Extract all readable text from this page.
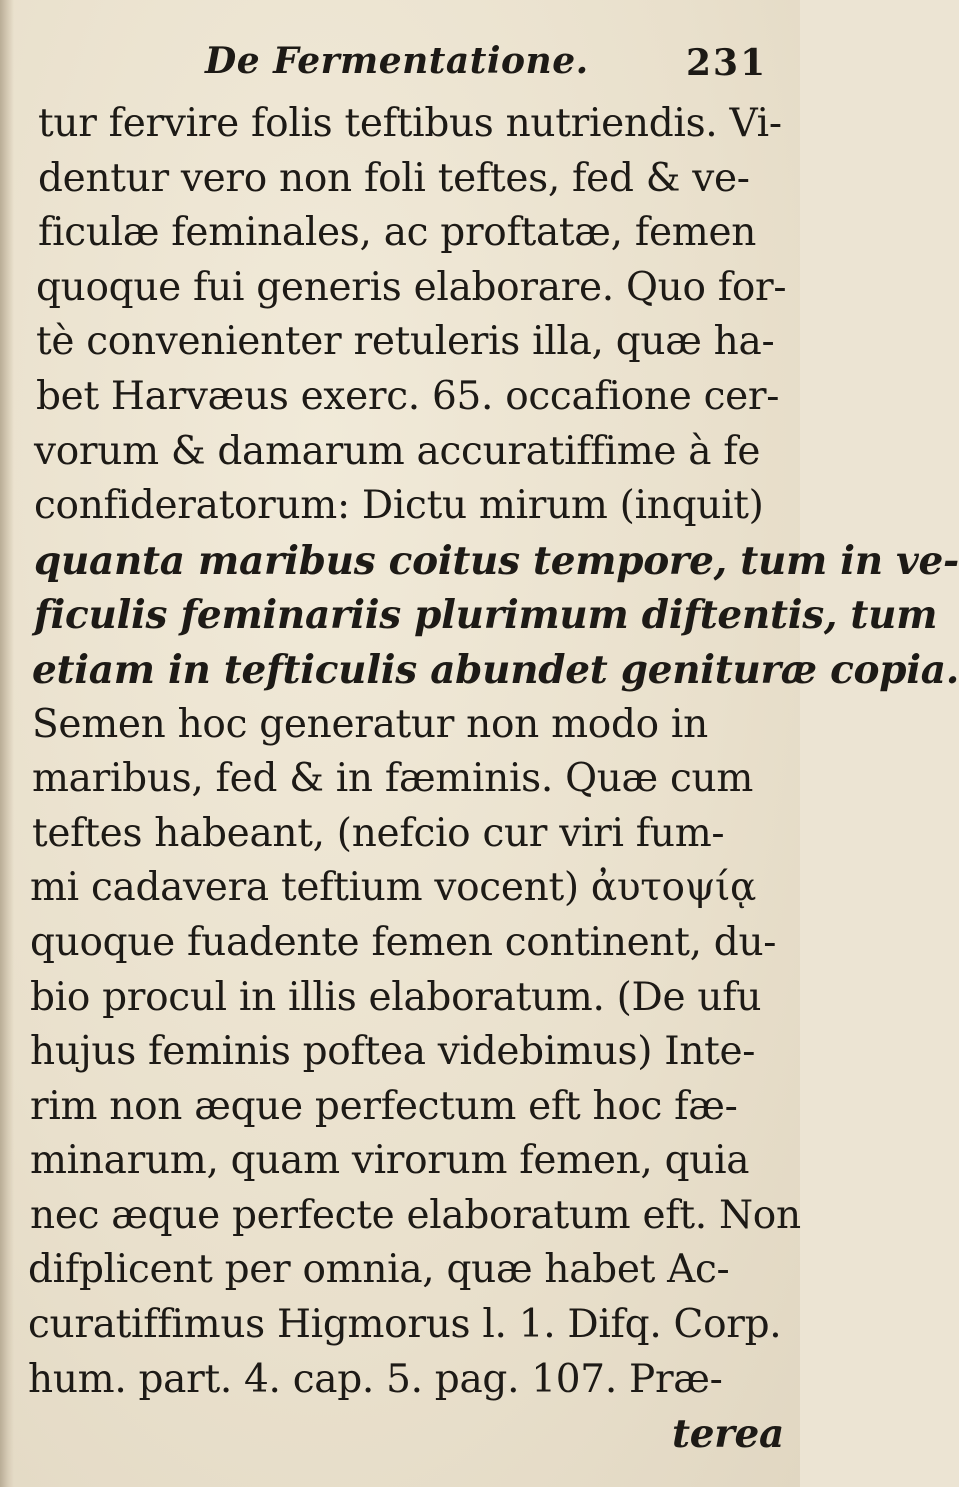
De Fermentatione.	231
tur fervire folis teftibus nutriendis. Vi-
dentur vero non foli teftes, fed & ve-
ficulæ feminales, ac proftatæ, femen
quoque fui generis elaborare. Quo for-
tè convenienter retuleris illa, quæ ha-
bet Harvæus exerc. 65. occafione cer-
vorum & damarum accuratiffime à fe
confideratorum: Dictu mirum (inquit)
quanta maribus coitus tempore, tum in ve-
ficulis feminariis plurimum diftentis, tum
etiam in tefticulis abundet genituræ copia.
Semen hoc generatur non modo in
maribus, fed & in fæminis. Quæ cum
teftes habeant, (nefcio cur viri fum-
mi cadavera teftium vocent) ἀυτοψίᾳ
quoque fuadente femen continent, du-
bio procul in illis elaboratum. (De ufu
hujus feminis poftea videbimus) Inte-
rim non æque perfectum eft hoc fæ-
minarum, quam virorum femen, quia
nec æque perfecte elaboratum eft. Non
difplicent per omnia, quæ habet Ac-
curatiffimus Higmorus l. 1. Difq. Corp.
hum. part. 4. cap. 5. pag. 107. Præ-
terea
